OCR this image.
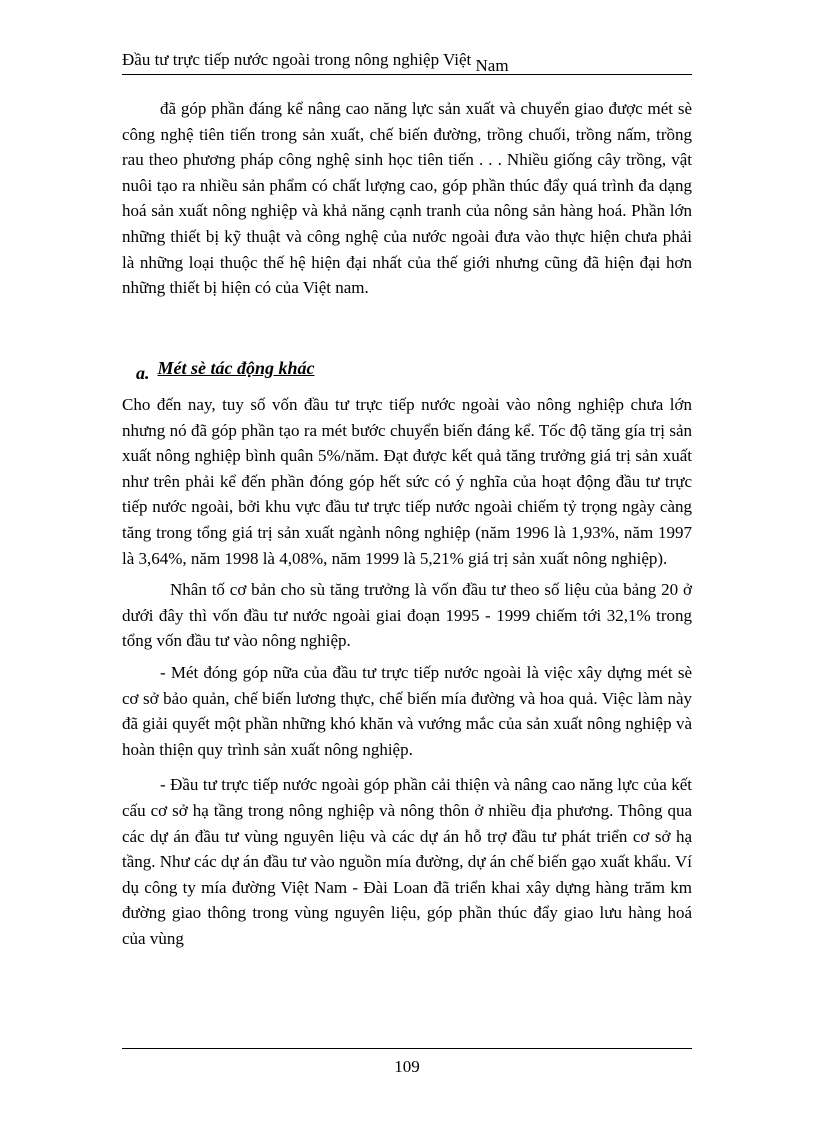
Đầu tư trực tiếp nước ngoài trong nông nghiệp Việt Nam

đã góp phần đáng kể nâng cao năng lực sản xuất và chuyển giao được mét sè công nghệ tiên tiến trong sản xuất, chế biến đường, trồng chuối, trồng nấm, trồng rau theo phương pháp công nghệ sinh học tiên tiến . . . Nhiều giống cây trồng, vật nuôi tạo ra nhiều sản phẩm có chất lượng cao, góp phần thúc đẩy quá trình đa dạng hoá sản xuất nông nghiệp và khả năng cạnh tranh của nông sản hàng hoá. Phần lớn những thiết bị kỹ thuật và công nghệ của nước ngoài đưa vào thực hiện chưa phải là những loại thuộc thế hệ hiện đại nhất của thế giới nhưng cũng đã hiện đại hơn những thiết bị hiện có của Việt nam.

a. Mét sè tác động khác

Cho đến nay, tuy số vốn đầu tư trực tiếp nước ngoài vào nông nghiệp chưa lớn nhưng nó đã góp phần tạo ra mét bước chuyển biến đáng kể. Tốc độ tăng gía trị sản xuất nông nghiệp bình quân 5%/năm. Đạt được kết quả tăng trưởng giá trị sản xuất như trên phải kể đến phần đóng góp hết sức có ý nghĩa của hoạt động đầu tư trực tiếp nước ngoài, bởi khu vực đầu tư trực tiếp nước ngoài chiếm tỷ trọng ngày càng tăng trong tổng giá trị sản xuất ngành nông nghiệp (năm 1996 là 1,93%, năm 1997 là 3,64%, năm 1998 là 4,08%, năm 1999 là 5,21% giá trị sản xuất nông nghiệp).

Nhân tố cơ bản cho sù tăng trưởng là vốn đầu tư theo số liệu của bảng 20 ở dưới đây thì vốn đầu tư nước ngoài giai đoạn 1995 - 1999 chiếm tới 32,1% trong tổng vốn đầu tư vào nông nghiệp.

- Mét đóng góp nữa của đầu tư trực tiếp nước ngoài là việc xây dựng mét sè cơ sở bảo quản, chế biến lương thực, chế biến mía đường và hoa quả. Việc làm này đã giải quyết một phần những khó khăn và vướng mắc của sản xuất nông nghiệp và hoàn thiện quy trình sản xuất nông nghiệp.

- Đầu tư trực tiếp nước ngoài góp phần cải thiện và nâng cao năng lực của kết cấu cơ sở hạ tầng trong nông nghiệp và nông thôn ở nhiều địa phương. Thông qua các dự án đầu tư vùng nguyên liệu và các dự án hỗ trợ đầu tư phát triển cơ sở hạ tầng. Như các dự án đầu tư vào nguồn mía đường, dự án chế biến gạo xuất khẩu. Ví dụ công ty mía đường Việt Nam - Đài Loan đã triển khai xây dựng hàng trăm km đường giao thông trong vùng nguyên liệu, góp phần thúc đẩy giao lưu hàng hoá của vùng

109
